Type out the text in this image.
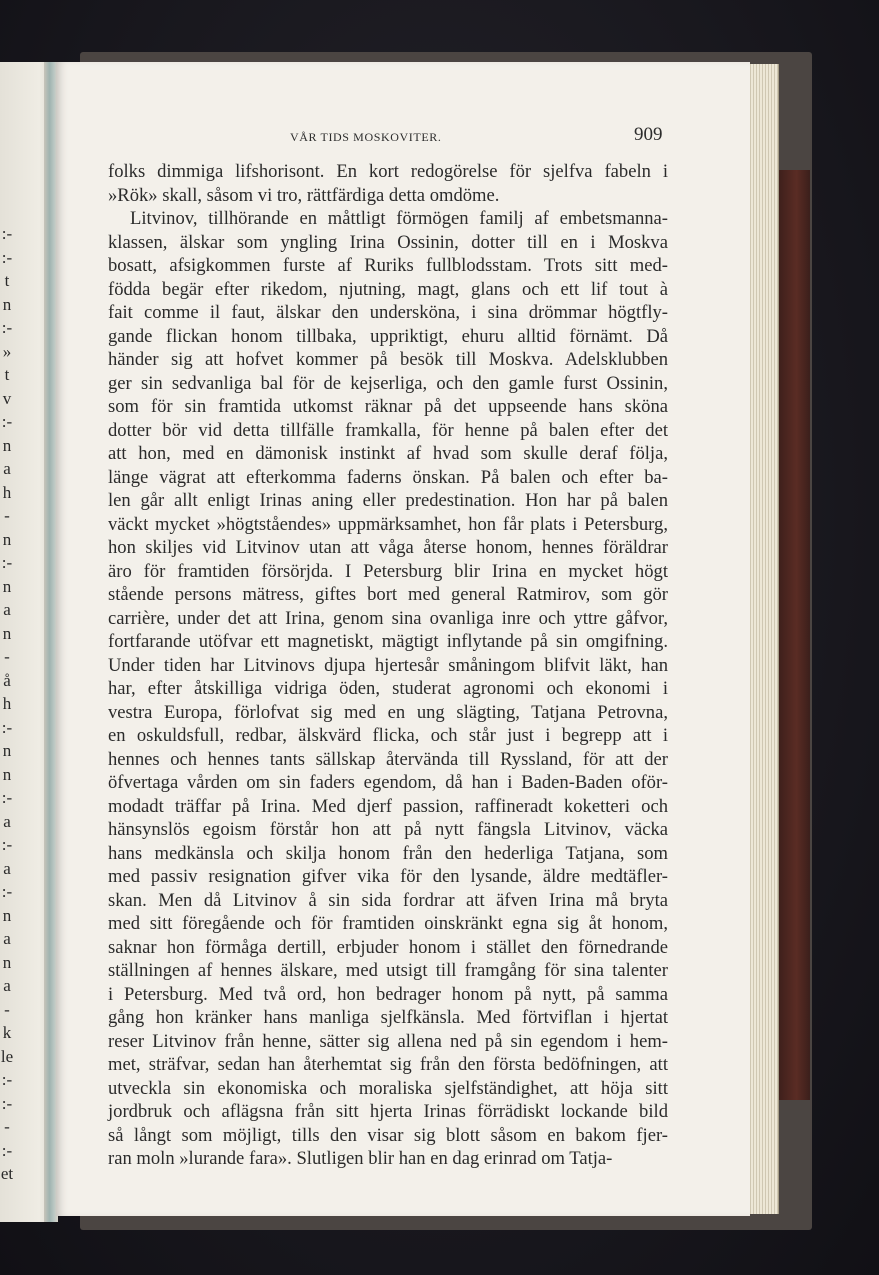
:-
:-
t
n
:-
»
t
v
:-
n
a
h
-
n
:-
n
a
n
-
å
h
:-
n
n
:-
a
:-
a
:-
n
a
n
a
-
k
le
:-
:-
-
:-
et
VÅR TIDS MOSKOVITER.	909
folks dimmiga lifshorisont. En kort redogörelse för sjelfva fabeln i
»Rök» skall, såsom vi tro, rättfärdiga detta omdöme.
Litvinov, tillhörande en måttligt förmögen familj af embetsmanna-
klassen, älskar som yngling Irina Ossinin, dotter till en i Moskva
bosatt, afsigkommen furste af Ruriks fullblodsstam. Trots sitt med-
födda begär efter rikedom, njutning, magt, glans och ett lif tout à
fait comme il faut, älskar den undersköna, i sina drömmar högtfly-
gande flickan honom tillbaka, uppriktigt, ehuru alltid förnämt. Då
händer sig att hofvet kommer på besök till Moskva. Adelsklubben
ger sin sedvanliga bal för de kejserliga, och den gamle furst Ossinin,
som för sin framtida utkomst räknar på det uppseende hans sköna
dotter bör vid detta tillfälle framkalla, för henne på balen efter det
att hon, med en dämonisk instinkt af hvad som skulle deraf följa,
länge vägrat att efterkomma faderns önskan. På balen och efter ba-
len går allt enligt Irinas aning eller predestination. Hon har på balen
väckt mycket »högtståendes» uppmärksamhet, hon får plats i Petersburg,
hon skiljes vid Litvinov utan att våga återse honom, hennes föräldrar
äro för framtiden försörjda. I Petersburg blir Irina en mycket högt
stående persons mätress, giftes bort med general Ratmirov, som gör
carrière, under det att Irina, genom sina ovanliga inre och yttre gåfvor,
fortfarande utöfvar ett magnetiskt, mägtigt inflytande på sin omgifning.
Under tiden har Litvinovs djupa hjertesår småningom blifvit läkt, han
har, efter åtskilliga vidriga öden, studerat agronomi och ekonomi i
vestra Europa, förlofvat sig med en ung slägting, Tatjana Petrovna,
en oskuldsfull, redbar, älskvärd flicka, och står just i begrepp att i
hennes och hennes tants sällskap återvända till Ryssland, för att der
öfvertaga vården om sin faders egendom, då han i Baden-Baden oför-
modadt träffar på Irina. Med djerf passion, raffineradt koketteri och
hänsynslös egoism förstår hon att på nytt fängsla Litvinov, väcka
hans medkänsla och skilja honom från den hederliga Tatjana, som
med passiv resignation gifver vika för den lysande, äldre medtäfler-
skan. Men då Litvinov å sin sida fordrar att äfven Irina må bryta
med sitt föregående och för framtiden oinskränkt egna sig åt honom,
saknar hon förmåga dertill, erbjuder honom i stället den förnedrande
ställningen af hennes älskare, med utsigt till framgång för sina talenter
i Petersburg. Med två ord, hon bedrager honom på nytt, på samma
gång hon kränker hans manliga sjelfkänsla. Med förtviflan i hjertat
reser Litvinov från henne, sätter sig allena ned på sin egendom i hem-
met, sträfvar, sedan han återhemtat sig från den första bedöfningen, att
utveckla sin ekonomiska och moraliska sjelfständighet, att höja sitt
jordbruk och aflägsna från sitt hjerta Irinas förrädiskt lockande bild
så långt som möjligt, tills den visar sig blott såsom en bakom fjer-
ran moln »lurande fara». Slutligen blir han en dag erinrad om Tatja-
